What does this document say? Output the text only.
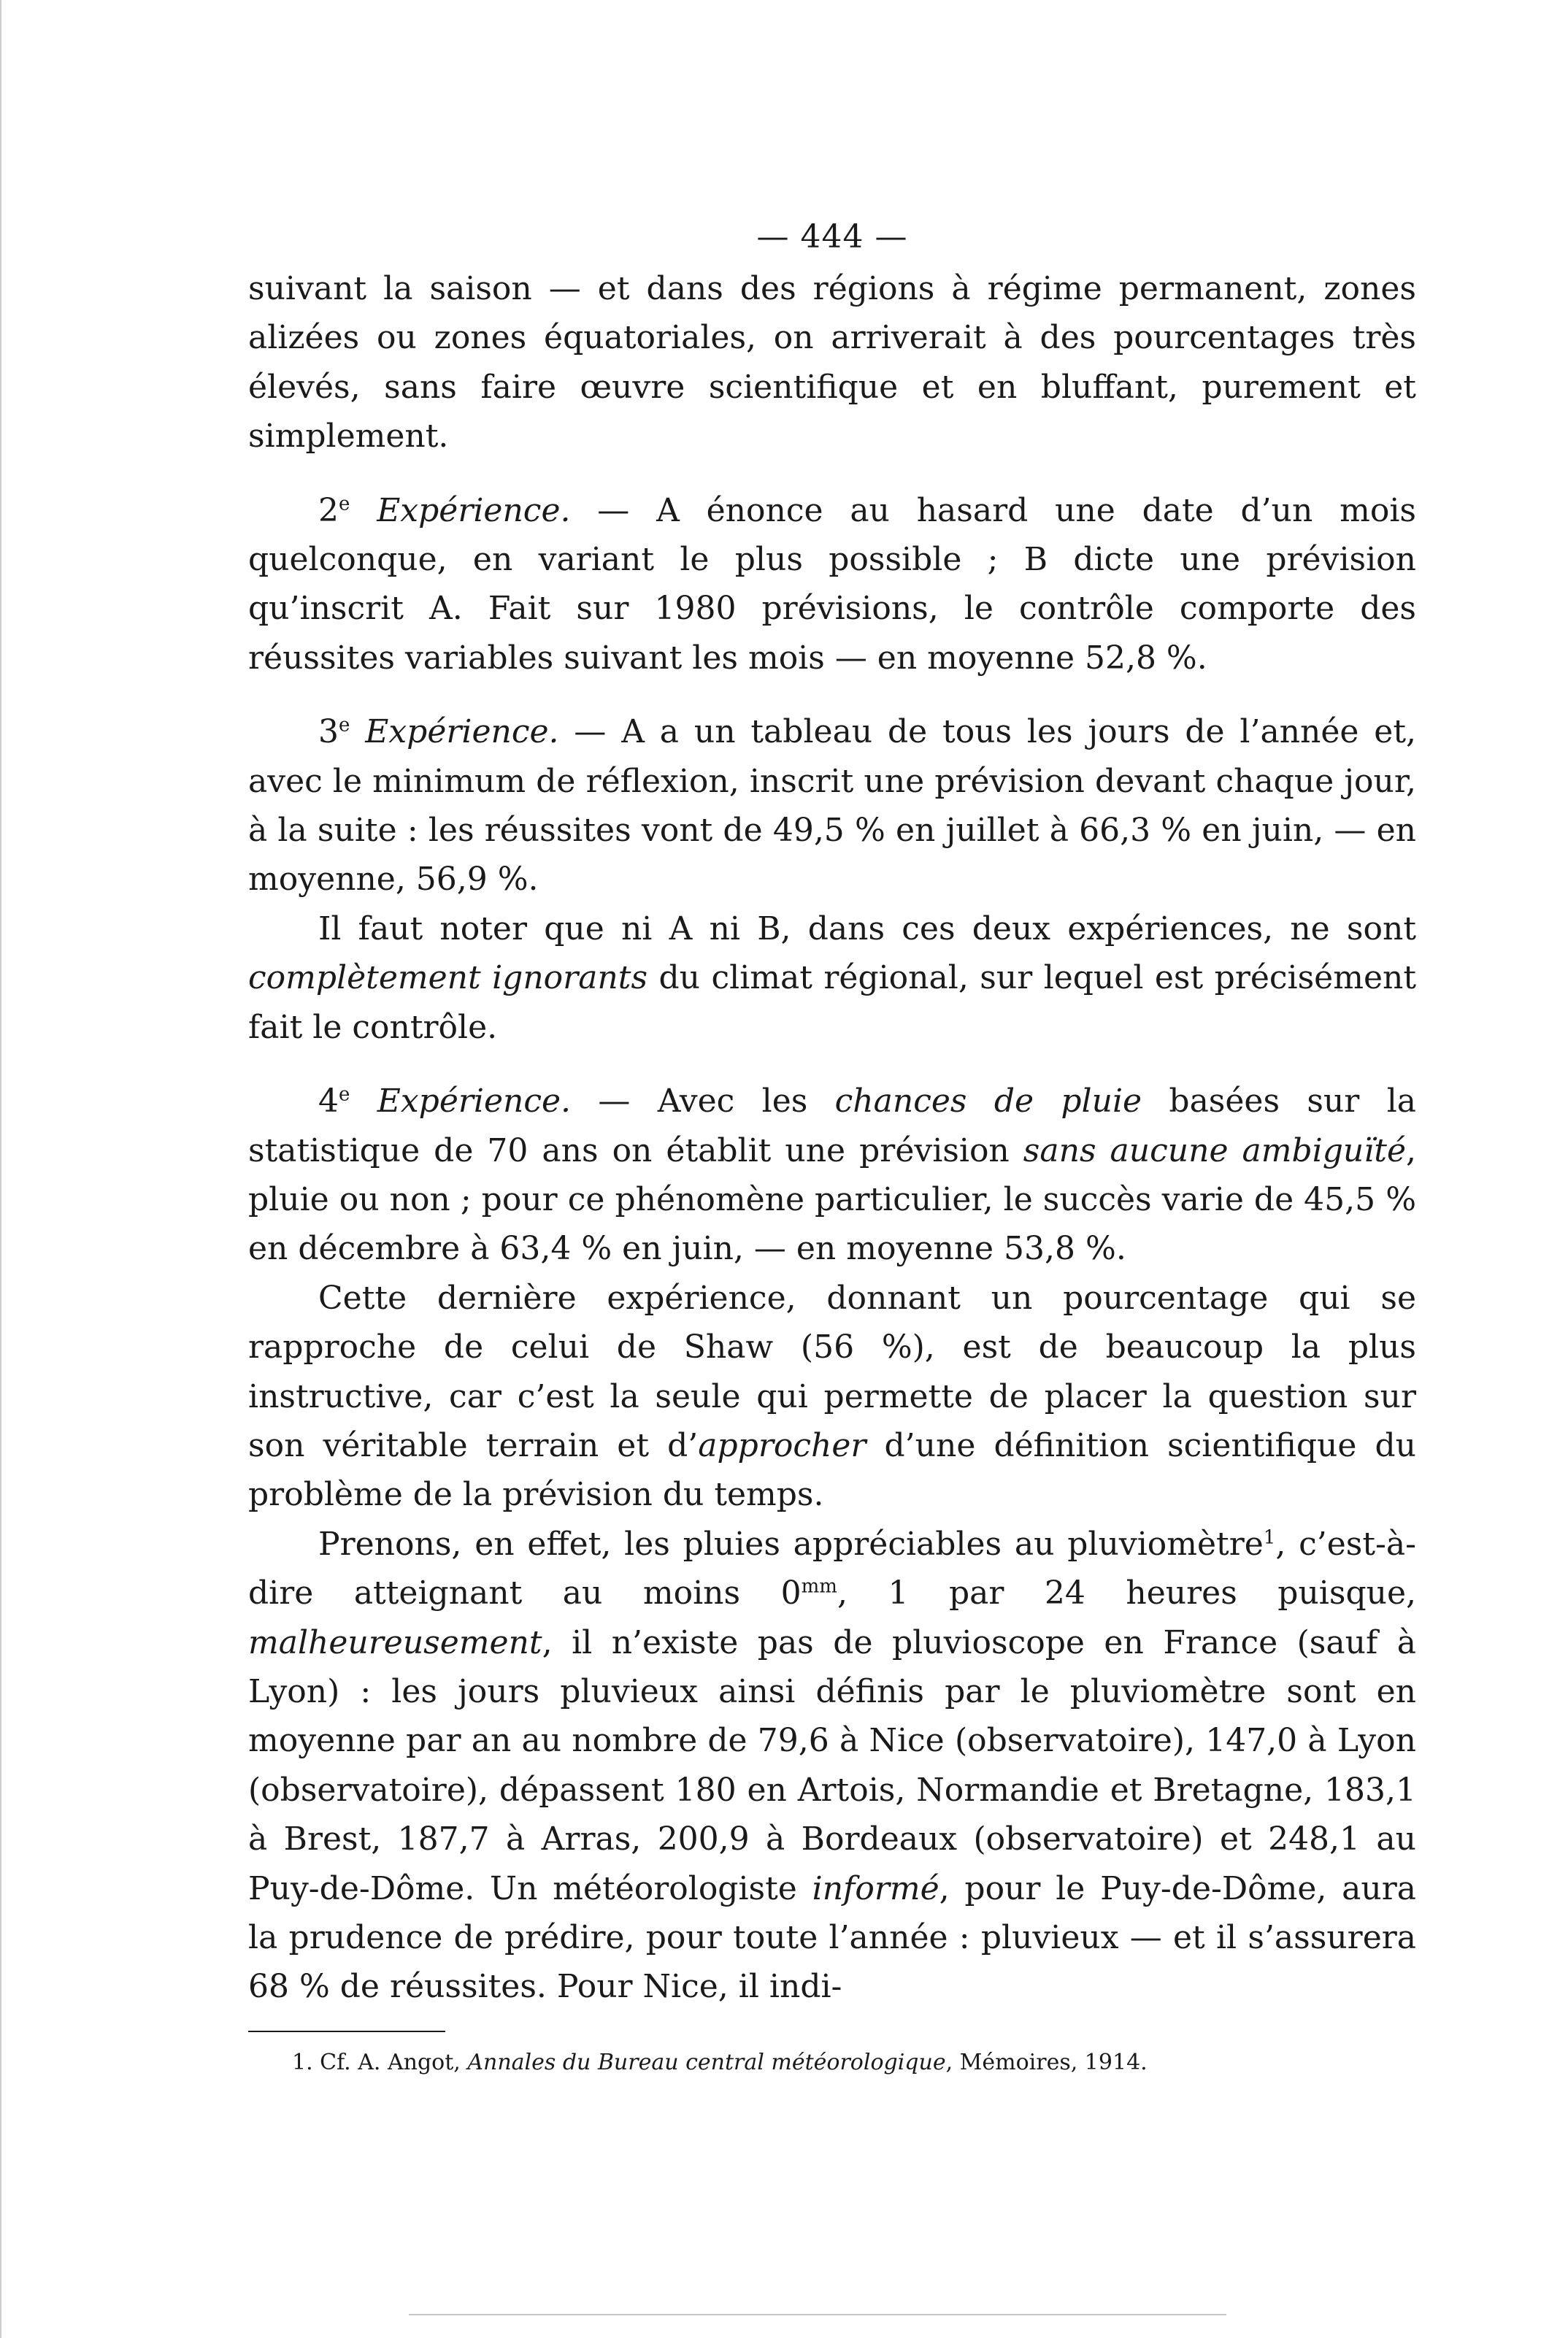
— 444 —

suivant la saison — et dans des régions à régime permanent, zones alizées ou zones équatoriales, on arriverait à des pourcentages très élevés, sans faire œuvre scientifique et en bluffant, purement et simplement.

2e Expérience. — A énonce au hasard une date d’un mois quelconque, en variant le plus possible ; B dicte une prévision qu’inscrit A. Fait sur 1980 prévisions, le contrôle comporte des réussites variables suivant les mois — en moyenne 52,8 %.

3e Expérience. — A a un tableau de tous les jours de l’année et, avec le minimum de réflexion, inscrit une prévision devant chaque jour, à la suite : les réussites vont de 49,5 % en juillet à 66,3 % en juin, — en moyenne, 56,9 %.

Il faut noter que ni A ni B, dans ces deux expériences, ne sont complètement ignorants du climat régional, sur lequel est précisément fait le contrôle.

4e Expérience. — Avec les chances de pluie basées sur la statistique de 70 ans on établit une prévision sans aucune ambiguïté, pluie ou non ; pour ce phénomène particulier, le succès varie de 45,5 % en décembre à 63,4 % en juin, — en moyenne 53,8 %.

Cette dernière expérience, donnant un pourcentage qui se rapproche de celui de Shaw (56 %), est de beaucoup la plus instructive, car c’est la seule qui permette de placer la question sur son véritable terrain et d’approcher d’une définition scientifique du problème de la prévision du temps.

Prenons, en effet, les pluies appréciables au pluviomètre$^1$, c’est-à-dire atteignant au moins $0^{mm}$, 1 par 24 heures puisque, malheureusement, il n’existe pas de pluvioscope en France (sauf à Lyon) : les jours pluvieux ainsi définis par le pluviomètre sont en moyenne par an au nombre de 79,6 à Nice (observatoire), 147,0 à Lyon (observatoire), dépassent 180 en Artois, Normandie et Bretagne, 183,1 à Brest, 187,7 à Arras, 200,9 à Bordeaux (observatoire) et 248,1 au Puy-de-Dôme. Un météorologiste informé, pour le Puy-de-Dôme, aura la prudence de prédire, pour toute l’année : pluvieux — et il s’assurera 68 % de réussites. Pour Nice, il indi-

1. Cf. A. Angot, Annales du Bureau central météorologique, Mémoires, 1914.
